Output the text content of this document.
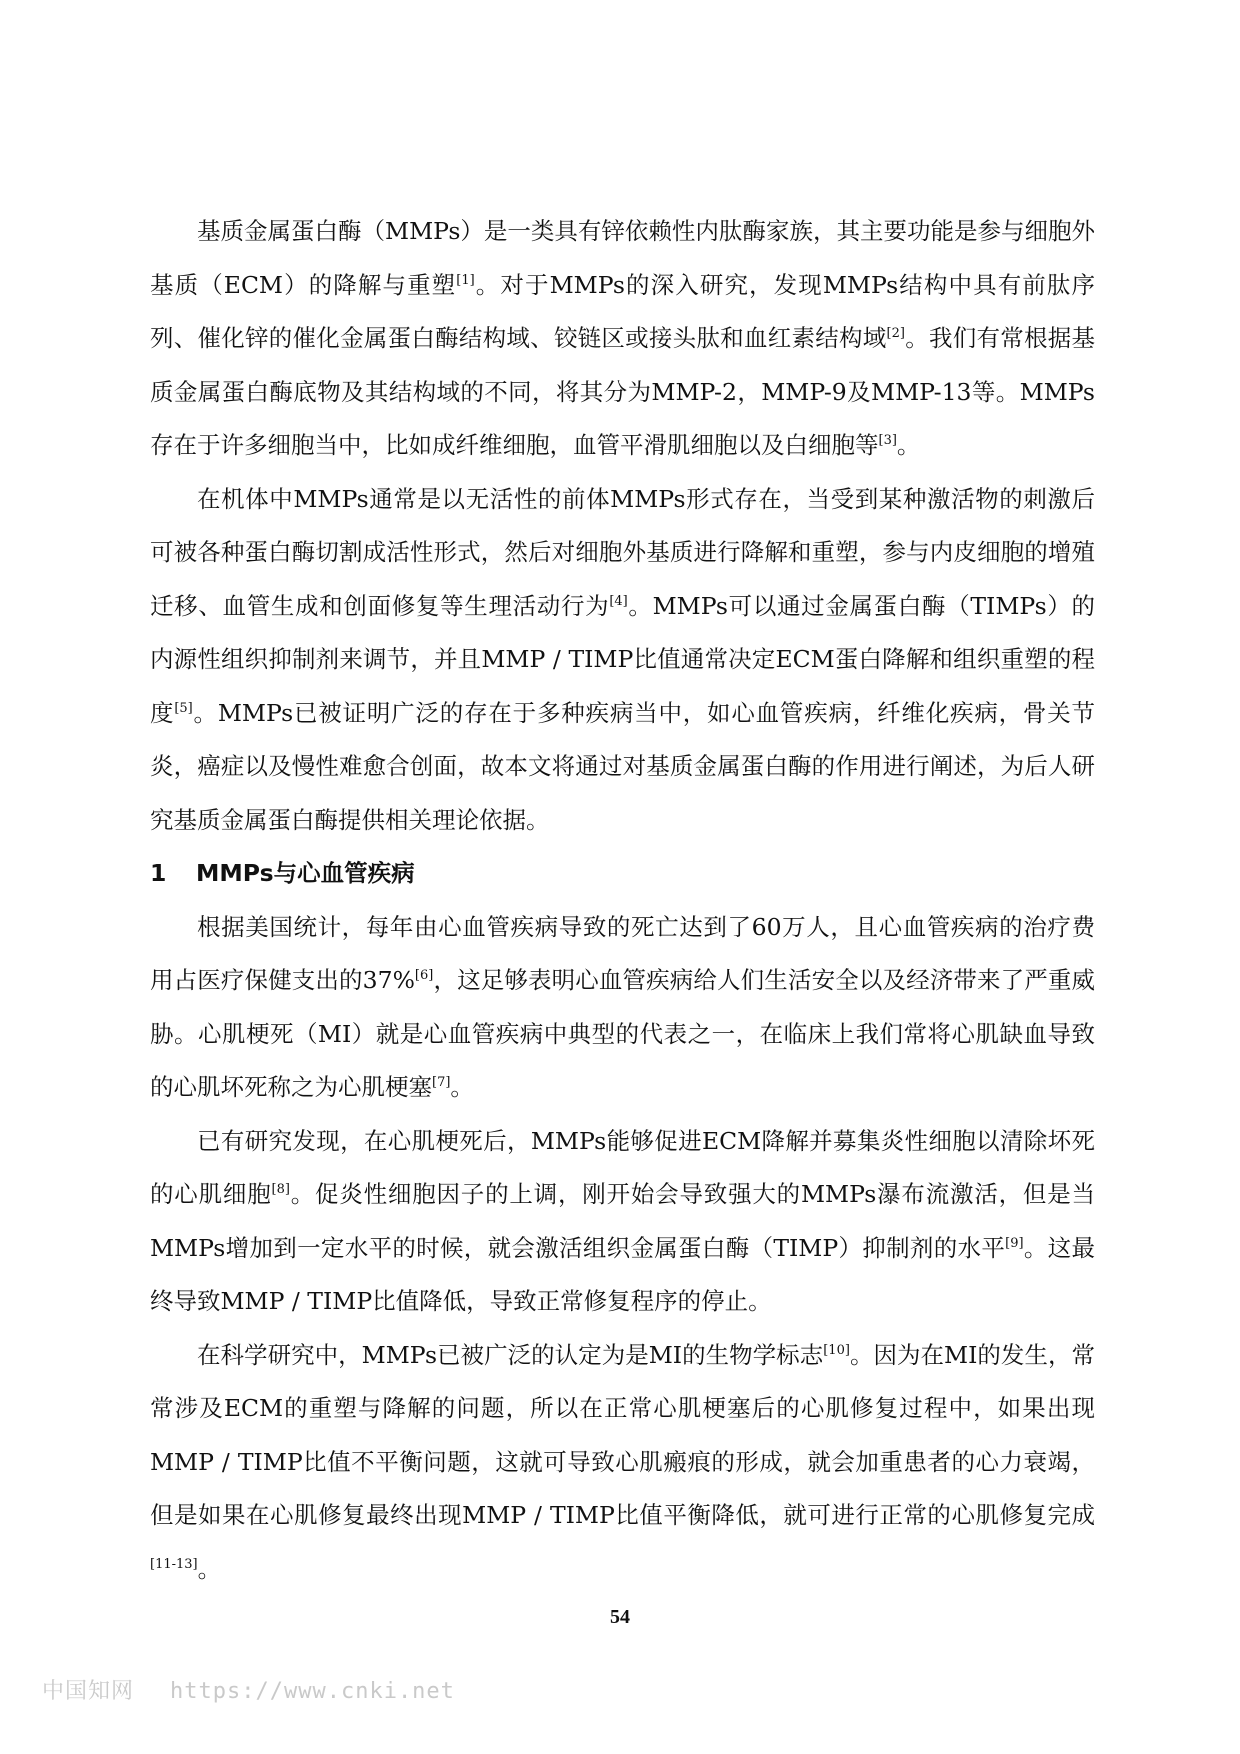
基质金属蛋白酶（MMPs）是一类具有锌依赖性内肽酶家族，其主要功能是参与细胞外基质（ECM）的降解与重塑[1]。对于MMPs的深入研究，发现MMPs结构中具有前肽序列、催化锌的催化金属蛋白酶结构域、铰链区或接头肽和血红素结构域[2]。我们有常根据基质金属蛋白酶底物及其结构域的不同，将其分为MMP-2，MMP-9及MMP-13等。MMPs存在于许多细胞当中，比如成纤维细胞，血管平滑肌细胞以及白细胞等[3]。

在机体中MMPs通常是以无活性的前体MMPs形式存在，当受到某种激活物的刺激后可被各种蛋白酶切割成活性形式，然后对细胞外基质进行降解和重塑，参与内皮细胞的增殖迁移、血管生成和创面修复等生理活动行为[4]。MMPs可以通过金属蛋白酶（TIMPs）的内源性组织抑制剂来调节，并且MMP / TIMP比值通常决定ECM蛋白降解和组织重塑的程度[5]。MMPs已被证明广泛的存在于多种疾病当中，如心血管疾病，纤维化疾病，骨关节炎，癌症以及慢性难愈合创面，故本文将通过对基质金属蛋白酶的作用进行阐述，为后人研究基质金属蛋白酶提供相关理论依据。

1 MMPs与心血管疾病

根据美国统计，每年由心血管疾病导致的死亡达到了60万人，且心血管疾病的治疗费用占医疗保健支出的37%[6]，这足够表明心血管疾病给人们生活安全以及经济带来了严重威胁。心肌梗死（MI）就是心血管疾病中典型的代表之一，在临床上我们常将心肌缺血导致的心肌坏死称之为心肌梗塞[7]。

已有研究发现，在心肌梗死后，MMPs能够促进ECM降解并募集炎性细胞以清除坏死的心肌细胞[8]。促炎性细胞因子的上调，刚开始会导致强大的MMPs瀑布流激活，但是当MMPs增加到一定水平的时候，就会激活组织金属蛋白酶（TIMP）抑制剂的水平[9]。这最终导致MMP / TIMP比值降低，导致正常修复程序的停止。

在科学研究中，MMPs已被广泛的认定为是MI的生物学标志[10]。因为在MI的发生，常常涉及ECM的重塑与降解的问题，所以在正常心肌梗塞后的心肌修复过程中，如果出现MMP / TIMP比值不平衡问题，这就可导致心肌瘢痕的形成，就会加重患者的心力衰竭，但是如果在心肌修复最终出现MMP / TIMP比值平衡降低，就可进行正常的心肌修复完成[11-13]。

54
中国知网 https://www.cnki.net
